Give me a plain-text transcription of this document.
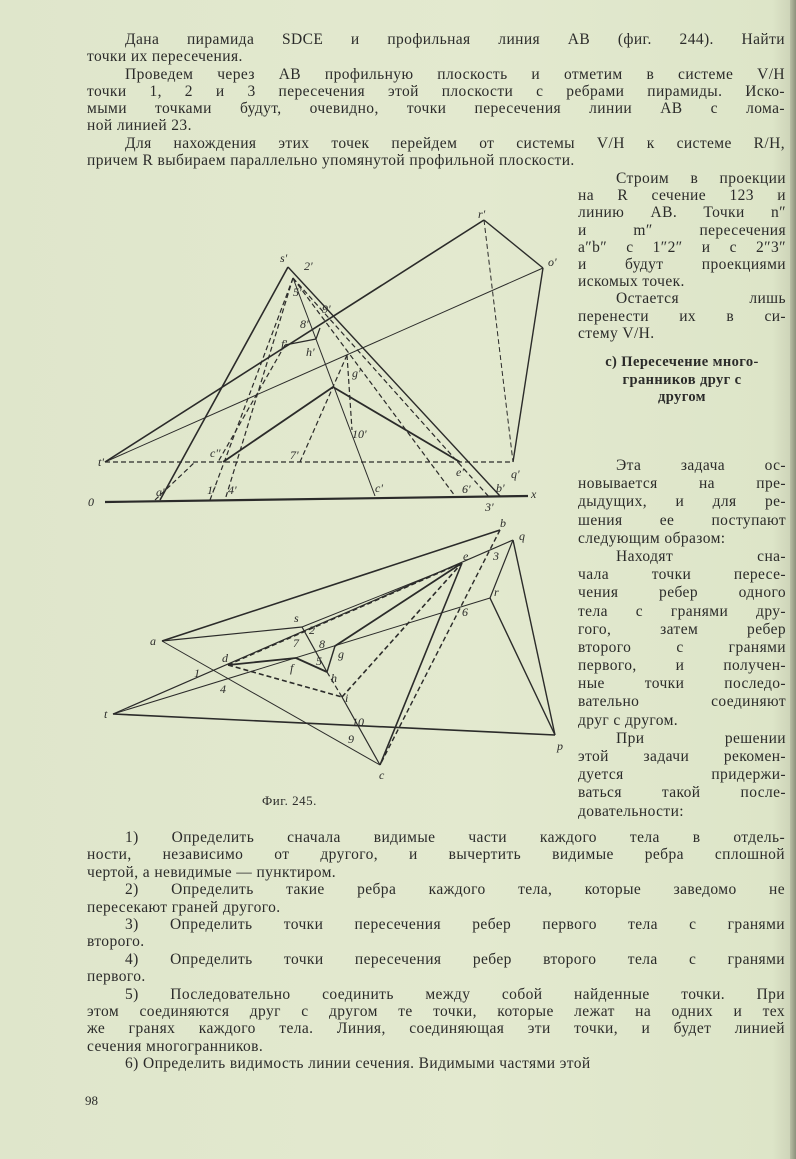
Дана пирамида SDCE и профильная линия AB (фиг. 244). Найти
точки их пересечения.
Проведем через AB профильную плоскость и отметим в системе V/H
точки 1, 2 и 3 пересечения этой плоскости с ребрами пирамиды. Иско-
мыми точками будут, очевидно, точки пересечения линии AB с лома-
ной линией 23.
Для нахождения этих точек перейдем от системы V/H к системе R/H,
причем R выбираем параллельно упомянутой профильной плоскости.
Строим в проекции
на R сечение 123 и
линию AB. Точки n″
и m″ пересечения
a″b″ с 1″2″ и с 2″3″
и будут проекциями
искомых точек.
Остается лишь
перенести их в си-
стему V/H.
c) Пересечение много-
гранников друг с
другом
Эта задача ос-
новывается на пре-
дыдущих, и для ре-
шения ее поступают
следующим образом:
Находят сна-
чала точки пересе-
чения ребер одного
тела с гранями дру-
гого, затем ребер
второго с гранями
первого, и получен-
ные точки последо-
вательно соединяют
друг с другом.
При решении
этой задачи рекомен-
дуется придержи-
ваться такой после-
довательности:
1) Определить сначала видимые части каждого тела в отдель-
ности, независимо от другого, и вычертить видимые ребра сплошной
чертой, а невидимые — пунктиром.
2) Определить такие ребра каждого тела, которые заведомо не
пересекают граней другого.
3) Определить точки пересечения ребер первого тела с гранями
второго.
4) Определить точки пересечения ребер второго тела с гранями
первого.
5) Последовательно соединить между собой найденные точки. При
этом соединяются друг с другом те точки, которые лежат на одних и тех
же гранях каждого тела. Линия, соединяющая эти точки, и будет линией
сечения многогранников.
6) Определить видимость линии сечения. Видимыми частями этой
s'
2'
r'
o'
5'
9'
8'
f'
h'
g'
10'
t'
c''	7'
e'	q'
a'	1' 4'	c'	6' b'
3'
0
x
b
q
e 3
r
6
s
2
7 8
a
d	g
5
f
h
1
4
i
t
10
9
c
p
Фиг. 245.
98
